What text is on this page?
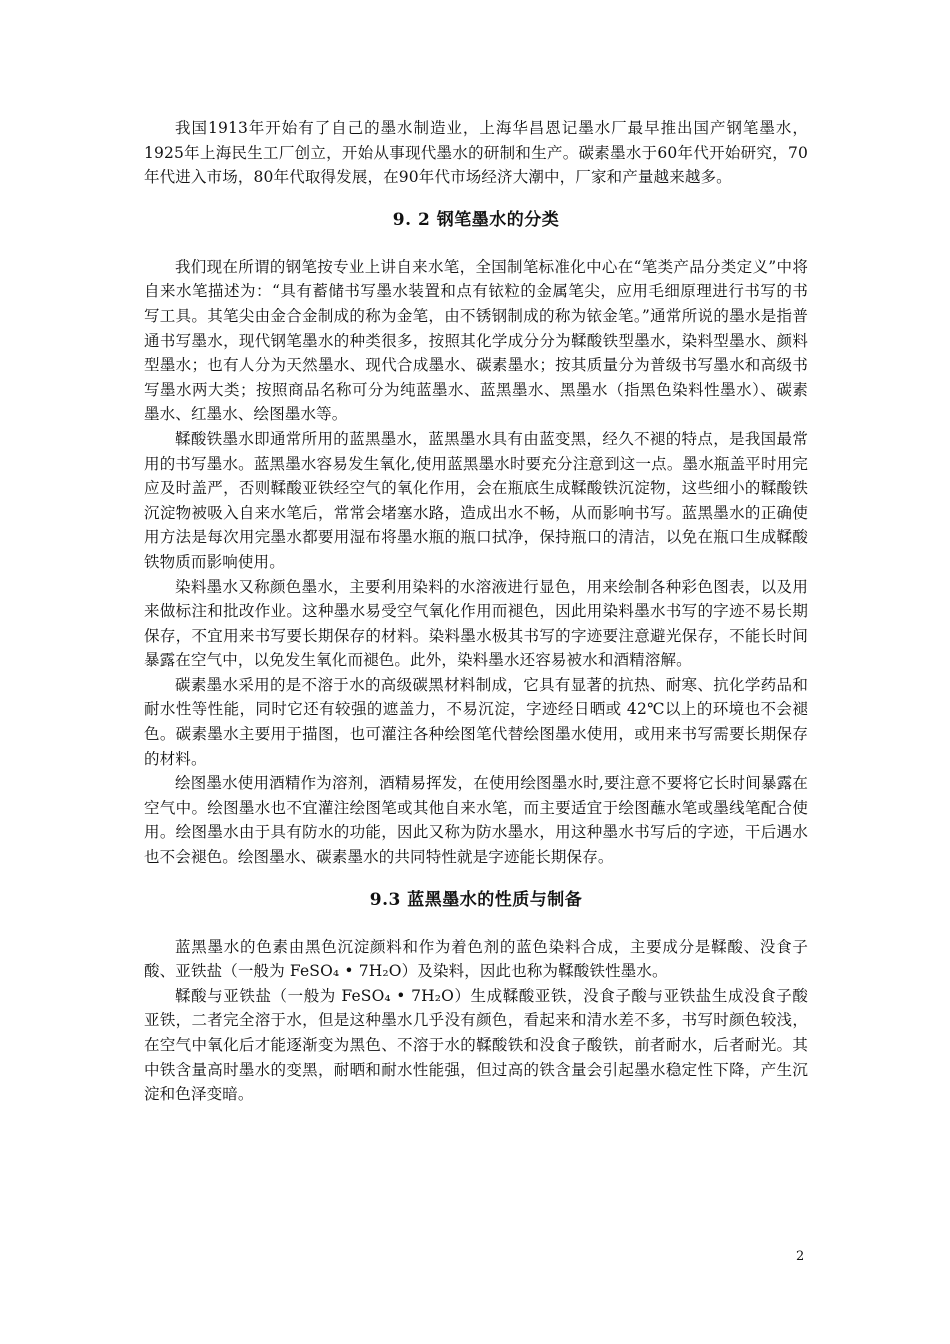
我国1913年开始有了自己的墨水制造业，上海华昌恩记墨水厂最早推出国产钢笔墨水，1925年上海民生工厂创立，开始从事现代墨水的研制和生产。碳素墨水于60年代开始研究，70年代进入市场，80年代取得发展，在90年代市场经济大潮中，厂家和产量越来越多。

9. 2 钢笔墨水的分类

我们现在所谓的钢笔按专业上讲自来水笔，全国制笔标准化中心在“笔类产品分类定义”中将自来水笔描述为：“具有蓄储书写墨水装置和点有铱粒的金属笔尖，应用毛细原理进行书写的书写工具。其笔尖由金合金制成的称为金笔，由不锈钢制成的称为铱金笔。”通常所说的墨水是指普通书写墨水，现代钢笔墨水的种类很多，按照其化学成分分为鞣酸铁型墨水，染料型墨水、颜料型墨水；也有人分为天然墨水、现代合成墨水、碳素墨水；按其质量分为普级书写墨水和高级书写墨水两大类；按照商品名称可分为纯蓝墨水、蓝黑墨水、黑墨水（指黑色染料性墨水）、碳素墨水、红墨水、绘图墨水等。

鞣酸铁墨水即通常所用的蓝黑墨水，蓝黑墨水具有由蓝变黑，经久不褪的特点，是我国最常用的书写墨水。蓝黑墨水容易发生氧化,使用蓝黑墨水时要充分注意到这一点。墨水瓶盖平时用完应及时盖严，否则鞣酸亚铁经空气的氧化作用，会在瓶底生成鞣酸铁沉淀物，这些细小的鞣酸铁沉淀物被吸入自来水笔后，常常会堵塞水路，造成出水不畅，从而影响书写。蓝黑墨水的正确使用方法是每次用完墨水都要用湿布将墨水瓶的瓶口拭净，保持瓶口的清洁，以免在瓶口生成鞣酸铁物质而影响使用。

染料墨水又称颜色墨水，主要利用染料的水溶液进行显色，用来绘制各种彩色图表，以及用来做标注和批改作业。这种墨水易受空气氧化作用而褪色，因此用染料墨水书写的字迹不易长期保存，不宜用来书写要长期保存的材料。染料墨水极其书写的字迹要注意避光保存，不能长时间暴露在空气中，以免发生氧化而褪色。此外，染料墨水还容易被水和酒精溶解。

碳素墨水采用的是不溶于水的高级碳黑材料制成，它具有显著的抗热、耐寒、抗化学药品和耐水性等性能，同时它还有较强的遮盖力，不易沉淀，字迹经日晒或 42℃以上的环境也不会褪色。碳素墨水主要用于描图，也可灌注各种绘图笔代替绘图墨水使用，或用来书写需要长期保存的材料。

绘图墨水使用酒精作为溶剂，酒精易挥发，在使用绘图墨水时,要注意不要将它长时间暴露在空气中。绘图墨水也不宜灌注绘图笔或其他自来水笔，而主要适宜于绘图蘸水笔或墨线笔配合使用。绘图墨水由于具有防水的功能，因此又称为防水墨水，用这种墨水书写后的字迹，干后遇水也不会褪色。绘图墨水、碳素墨水的共同特性就是字迹能长期保存。

9.3 蓝黑墨水的性质与制备

蓝黑墨水的色素由黑色沉淀颜料和作为着色剂的蓝色染料合成，主要成分是鞣酸、没食子酸、亚铁盐（一般为 FeSO₄ • 7H₂O）及染料，因此也称为鞣酸铁性墨水。

鞣酸与亚铁盐（一般为 FeSO₄ • 7H₂O）生成鞣酸亚铁，没食子酸与亚铁盐生成没食子酸亚铁，二者完全溶于水，但是这种墨水几乎没有颜色，看起来和清水差不多，书写时颜色较浅，在空气中氧化后才能逐渐变为黑色、不溶于水的鞣酸铁和没食子酸铁，前者耐水，后者耐光。其中铁含量高时墨水的变黑，耐晒和耐水性能强，但过高的铁含量会引起墨水稳定性下降，产生沉淀和色泽变暗。

2
